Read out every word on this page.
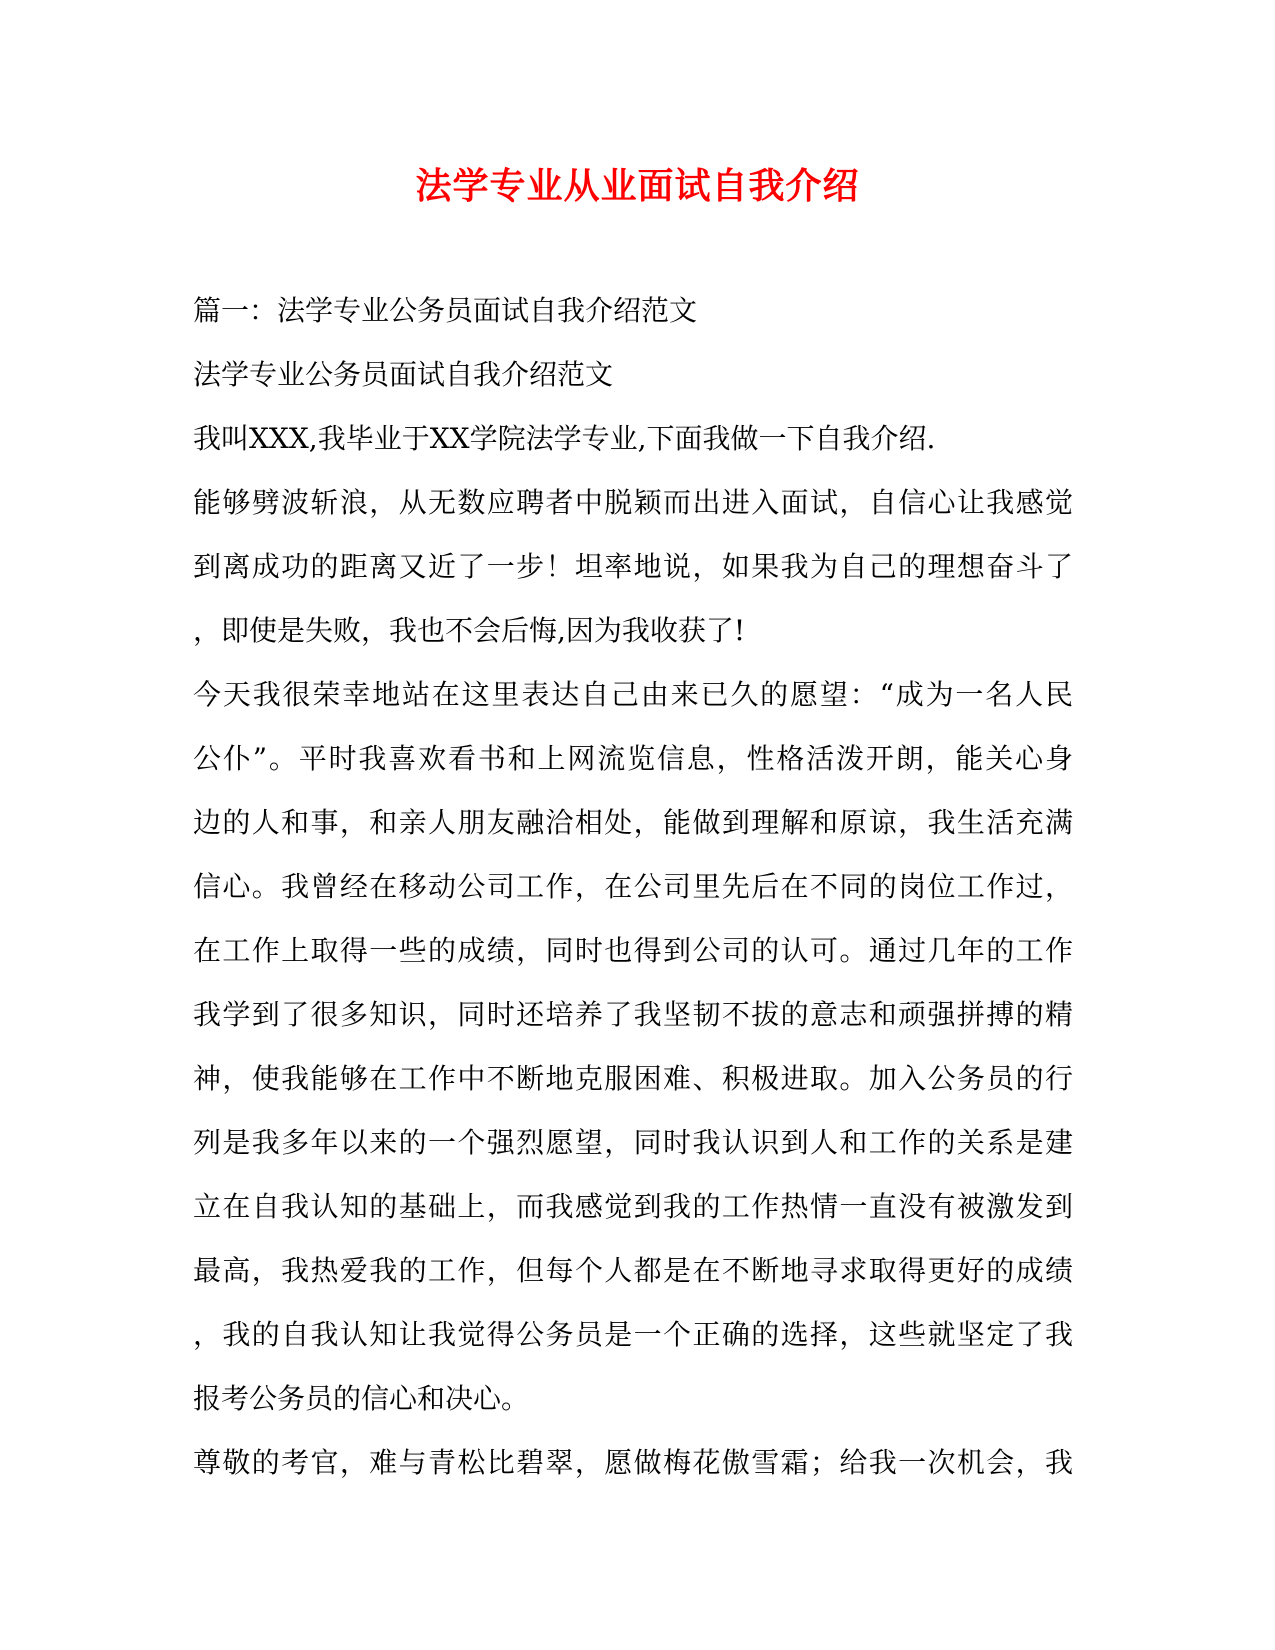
法学专业从业面试自我介绍
篇一：法学专业公务员面试自我介绍范文
法学专业公务员面试自我介绍范文
我叫XXX,我毕业于XX学院法学专业,下面我做一下自我介绍.
能够劈波斩浪，从无数应聘者中脱颖而出进入面试，自信心让我感觉
到离成功的距离又近了一步！坦率地说，如果我为自己的理想奋斗了
，即使是失败，我也不会后悔,因为我收获了!
今天我很荣幸地站在这里表达自己由来已久的愿望：“成为一名人民
公仆”。平时我喜欢看书和上网流览信息，性格活泼开朗，能关心身
边的人和事，和亲人朋友融洽相处，能做到理解和原谅，我生活充满
信心。我曾经在移动公司工作，在公司里先后在不同的岗位工作过，
在工作上取得一些的成绩，同时也得到公司的认可。通过几年的工作
我学到了很多知识，同时还培养了我坚韧不拔的意志和顽强拼搏的精
神，使我能够在工作中不断地克服困难、积极进取。加入公务员的行
列是我多年以来的一个强烈愿望，同时我认识到人和工作的关系是建
立在自我认知的基础上，而我感觉到我的工作热情一直没有被激发到
最高，我热爱我的工作，但每个人都是在不断地寻求取得更好的成绩
，我的自我认知让我觉得公务员是一个正确的选择，这些就坚定了我
报考公务员的信心和决心。
尊敬的考官，难与青松比碧翠，愿做梅花傲雪霜；给我一次机会，我
